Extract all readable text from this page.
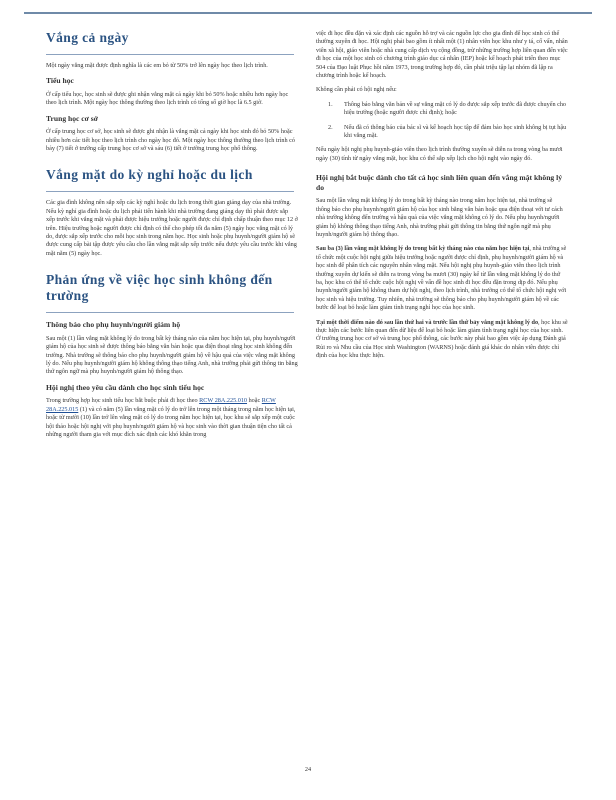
Vắng cả ngày

Một ngày vắng mặt được định nghĩa là các em bỏ từ 50% trở lên ngày học theo lịch trình.

Tiểu học

Ở cấp tiểu học, học sinh sẽ được ghi nhận vắng mặt cả ngày khi bỏ 50% hoặc nhiều hơn ngày học theo lịch trình. Một ngày học thông thường theo lịch trình có tổng số giờ học là 6.5 giờ.

Trung học cơ sở

Ở cấp trung học cơ sở, học sinh sẽ được ghi nhận là vắng mặt cả ngày khi học sinh đó bỏ 50% hoặc nhiều hơn các tiết học theo lịch trình cho ngày học đó. Một ngày học thông thường theo lịch trình có bảy (7) tiết ở trường cấp trung học cơ sở và sáu (6) tiết ở trường trung học phổ thông.

Vắng mặt do kỳ nghỉ hoặc du lịch

Các gia đình không nên sắp xếp các kỳ nghỉ hoặc du lịch trong thời gian giảng dạy của nhà trường. Nếu kỳ nghỉ gia đình hoặc du lịch phải tiến hành khi nhà trường đang giảng dạy thì phải được sắp xếp trước khi vắng mặt và phải được hiệu trưởng hoặc người được chỉ định chấp thuận theo mục 12 ở trên. Hiệu trưởng hoặc người được chỉ định có thể cho phép tối đa năm (5) ngày học vắng mặt có lý do, được sắp xếp trước cho mỗi học sinh trong năm học. Học sinh hoặc phụ huynh/người giám hộ sẽ được cung cấp bài tập được yêu cầu cho lần vắng mặt sắp xếp trước nếu được yêu cầu trước khi vắng mặt năm (5) ngày học.

Phản ứng về việc học sinh không đến trường
Thông báo cho phụ huynh/người giám hộ

Sau một (1) lần vắng mặt không lý do trong bất kỳ tháng nào của năm học hiện tại, phụ huynh/người giám hộ của học sinh sẽ được thông báo bằng văn bản hoặc qua điện thoại rằng học sinh không đến trường. Nhà trường sẽ thông báo cho phụ huynh/người giám hộ về hậu quả của việc vắng mặt không lý do. Nếu phụ huynh/người giám hộ không thông thạo tiếng Anh, nhà trường phải gửi thông tin bằng thứ ngôn ngữ mà phụ huynh/người giám hộ thông thạo.

Hội nghị theo yêu cầu dành cho học sinh tiểu học

Trong trường hợp học sinh tiểu học bắt buộc phải đi học theo RCW 28A.225.010 hoặc RCW 28A.225.015 (1) và có năm (5) lần vắng mặt có lý do trở lên trong một tháng trong năm học hiện tại, hoặc từ mười (10) lần trở lên vắng mặt có lý do trong năm học hiện tại, học khu sẽ sắp xếp một cuộc hội thảo hoặc hội nghị với phụ huynh/người giám hộ và học sinh vào thời gian thuận tiện cho tất cả những người tham gia với mục đích xác định các khó khăn trong

việc đi học đều đặn và xác định các nguồn hỗ trợ và các nguồn lực cho gia đình để học sinh có thể thường xuyên đi học. Hội nghị phải bao gồm ít nhất một (1) nhân viên học khu như y tá, cố vấn, nhân viên xã hội, giáo viên hoặc nhà cung cấp dịch vụ cộng đồng, trừ những trường hợp liên quan đến việc đi học của một học sinh có chương trình giáo dục cá nhân (IEP) hoặc kế hoạch phát triển theo mục 504 của Đạo luật Phục hồi năm 1973, trong trường hợp đó, cần phải triệu tập lại nhóm đã lập ra chương trình hoặc kế hoạch.

Không cần phải có hội nghị nếu:

1. Thông báo bằng văn bản về sự vắng mặt có lý do được sắp xếp trước đã được chuyển cho hiệu trưởng (hoặc người được chỉ định); hoặc
2. Nếu đã có thông báo của bác sĩ và kế hoạch học tập để đảm bảo học sinh không bị tụt hậu khi vắng mặt.

Nếu ngày hội nghị phụ huynh-giáo viên theo lịch trình thường xuyên sẽ diễn ra trong vòng ba mươi ngày (30) tính từ ngày vắng mặt, học khu có thể sắp xếp lịch cho hội nghị vào ngày đó.

Hội nghị bắt buộc dành cho tất cả học sinh liên quan đến vắng mặt không lý do

Sau một lần vắng mặt không lý do trong bất kỳ tháng nào trong năm học hiện tại, nhà trường sẽ thông báo cho phụ huynh/người giám hộ của học sinh bằng văn bản hoặc qua điện thoại với tư cách nhà trường không đến trường và hậu quả của việc vắng mặt không có lý do. Nếu phụ huynh/người giám hộ không thông thạo tiếng Anh, nhà trường phải gửi thông tin bằng thứ ngôn ngữ mà phụ huynh/người giám hộ thông thạo.

Sau ba (3) lần vắng mặt không lý do trong bất kỳ tháng nào của năm học hiện tại, nhà trường sẽ tổ chức một cuộc hội nghị giữa hiệu trưởng hoặc người được chỉ định, phụ huynh/người giám hộ và học sinh để phân tích các nguyên nhân vắng mặt. Nếu hội nghị phụ huynh-giáo viên theo lịch trình thường xuyên dự kiến sẽ diễn ra trong vòng ba mươi (30) ngày kể từ lần vắng mặt không lý do thứ ba, học khu có thể tổ chức cuộc hội nghị về vấn đề học sinh đi học đều đặn trong dịp đó. Nếu phụ huynh/người giám hộ không tham dự hội nghị, theo lịch trình, nhà trường có thể tổ chức hội nghị với học sinh và hiệu trưởng. Tuy nhiên, nhà trường sẽ thông báo cho phụ huynh/người giám hộ về các bước để loại bỏ hoặc làm giảm tình trạng nghỉ học của học sinh.

Tại một thời điểm nào đó sau lần thứ hai và trước lần thứ bảy vắng mặt không lý do, học khu sẽ thực hiện các bước liên quan đến dữ liệu để loại bỏ hoặc làm giảm tình trạng nghỉ học của học sinh. Ở trường trung học cơ sở và trung học phổ thông, các bước này phải bao gồm việc áp dụng Đánh giá Rủi ro và Nhu cầu của Học sinh Washington (WARNS) hoặc đánh giá khác do nhân viên được chỉ định của học khu thực hiện.

24
